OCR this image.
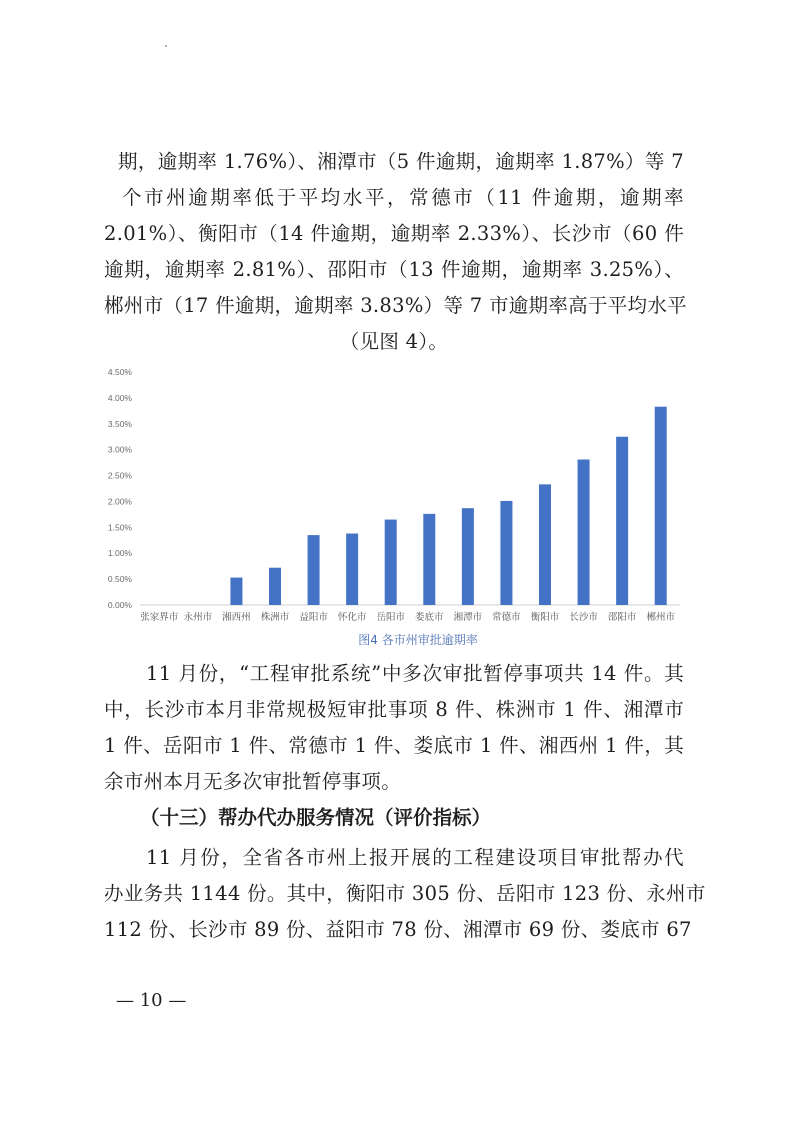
期，逾期率 1.76%）、湘潭市（5 件逾期，逾期率 1.87%）等 7
个市州逾期率低于平均水平，常德市（11 件逾期，逾期率
2.01%）、衡阳市（14 件逾期，逾期率 2.33%）、长沙市（60 件
逾期，逾期率 2.81%）、邵阳市（13 件逾期，逾期率 3.25%）、
郴州市（17 件逾期，逾期率 3.83%）等 7 市逾期率高于平均水平
（见图 4）。
0.00%
0.50%
1.00%
1.50%
2.00%
2.50%
3.00%
3.50%
4.00%
4.50%
张家界市 永州市 湘西州 株洲市 益阳市 怀化市 岳阳市 娄底市 湘潭市 常德市 衡阳市 长沙市 邵阳市 郴州市
图4 各市州审批逾期率
11 月份，“工程审批系统”中多次审批暂停事项共 14 件。其
中，长沙市本月非常规极短审批事项 8 件、株洲市 1 件、湘潭市
1 件、岳阳市 1 件、常德市 1 件、娄底市 1 件、湘西州 1 件，其
余市州本月无多次审批暂停事项。
（十三）帮办代办服务情况（评价指标）
11 月份，全省各市州上报开展的工程建设项目审批帮办代
办业务共 1144 份。其中，衡阳市 305 份、岳阳市 123 份、永州市
112 份、长沙市 89 份、益阳市 78 份、湘潭市 69 份、娄底市 67
— 10 —
